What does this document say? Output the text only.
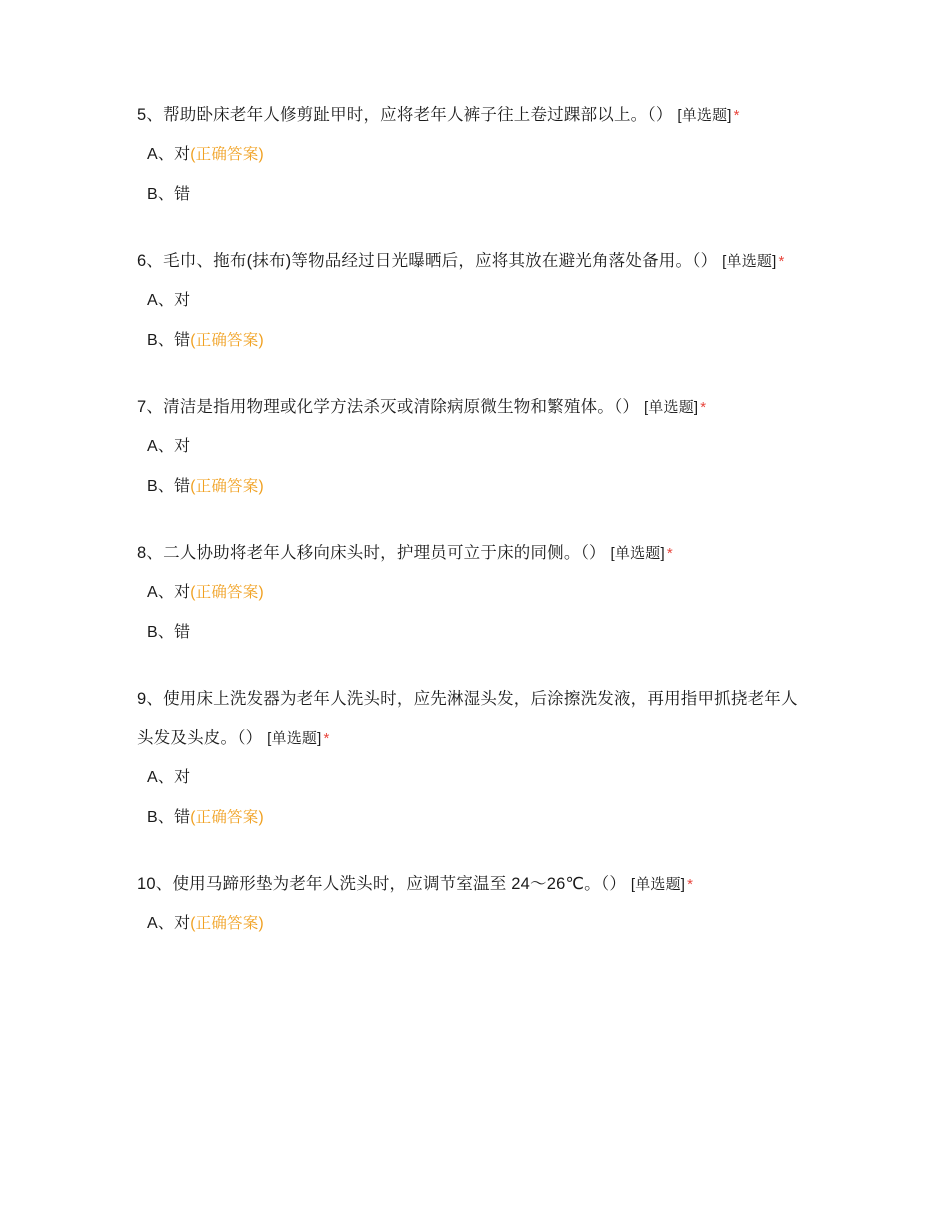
5、帮助卧床老年人修剪趾甲时，应将老年人裤子往上卷过踝部以上。（） [单选题] *
A、对(正确答案)
B、错
6、毛巾、拖布(抹布)等物品经过日光曝晒后，应将其放在避光角落处备用。（） [单选题] *
A、对
B、错(正确答案)
7、清洁是指用物理或化学方法杀灭或清除病原微生物和繁殖体。（） [单选题] *
A、对
B、错(正确答案)
8、二人协助将老年人移向床头时，护理员可立于床的同侧。（） [单选题] *
A、对(正确答案)
B、错
9、使用床上洗发器为老年人洗头时，应先淋湿头发，后涂擦洗发液，再用指甲抓挠老年人 头发及头皮。（） [单选题] *
A、对
B、错(正确答案)
10、使用马蹄形垫为老年人洗头时，应调节室温至 24～26℃。（） [单选题] *
A、对(正确答案)
